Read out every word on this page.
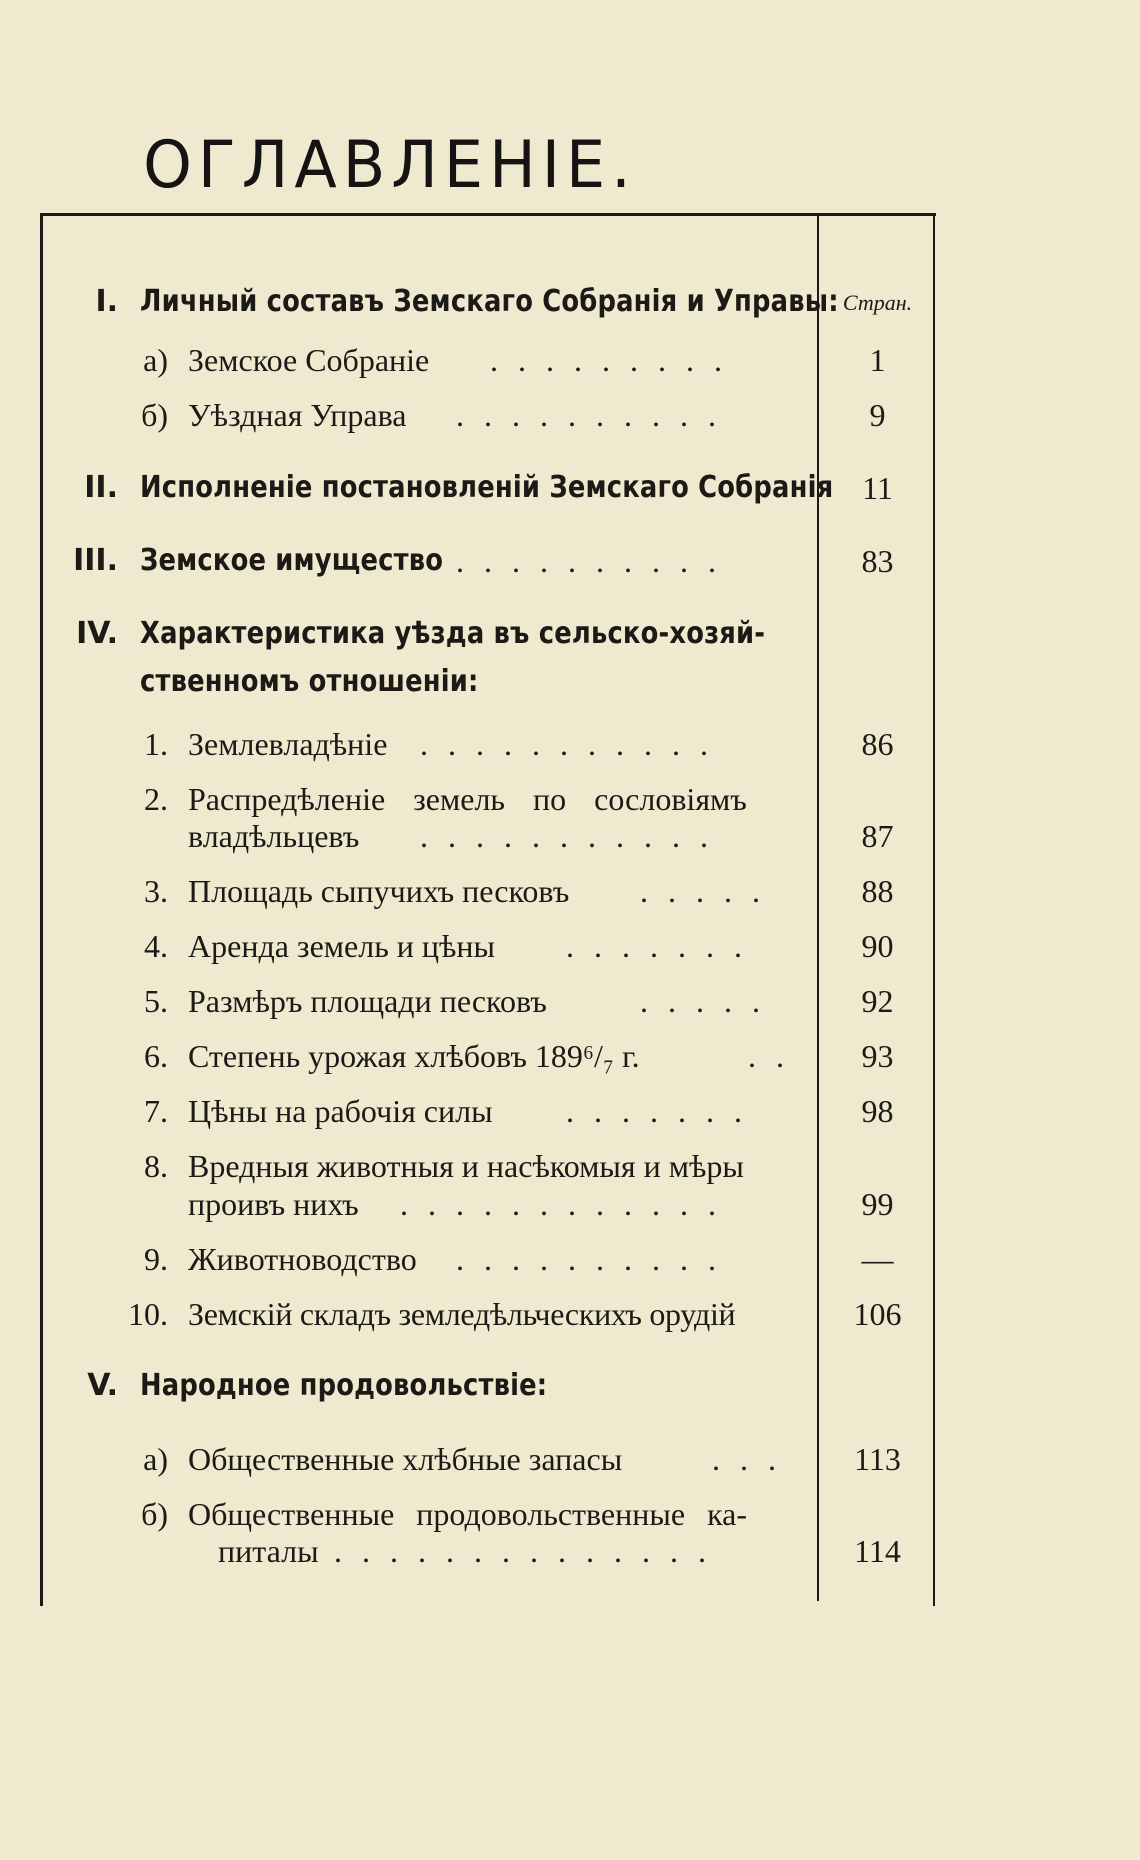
ОГЛАВЛЕНІЕ.
I. Личный составъ Земскаго Собранія и Управы: Стран.
а) Земское Собраніе . . . . . . . . .	1
б) Уѣздная Управа . . . . . . . . . .	9
II. Исполненіе постановленій Земскаго Собранія 11
III. Земское имущество . . . . . . . . . .	83
IV. Характеристика уѣзда въ сельско-хозяй-
ственномъ отношеніи:
1. Землевладѣніе . . . . . . . . . . .	86
2. Распредѣленіе земель по сословіямъ
владѣльцевъ . . . . . . . . . . .	87
3. Площадь сыпучихъ песковъ . . . . .	88
4. Аренда земель и цѣны . . . . . . .	90
5. Размѣръ площади песковъ	. . . . .	92
6. Степень урожая хлѣбовъ 189⁶/₇ г.	. .	93
7. Цѣны на рабочія силы . . . . . . .	98
8. Вредныя животныя и насѣкомыя и мѣры
проивъ нихъ . . . . . . . . . . . .	99
9. Животноводство . . . . . . . . . .	—
10. Земскій складъ земледѣльческихъ орудій	106
V. Народное продовольствіе:
а) Общественные хлѣбные запасы	. . .	113
б) Общественные продовольственные ка-
питалы . . . . . . . . . . . . . .	114
